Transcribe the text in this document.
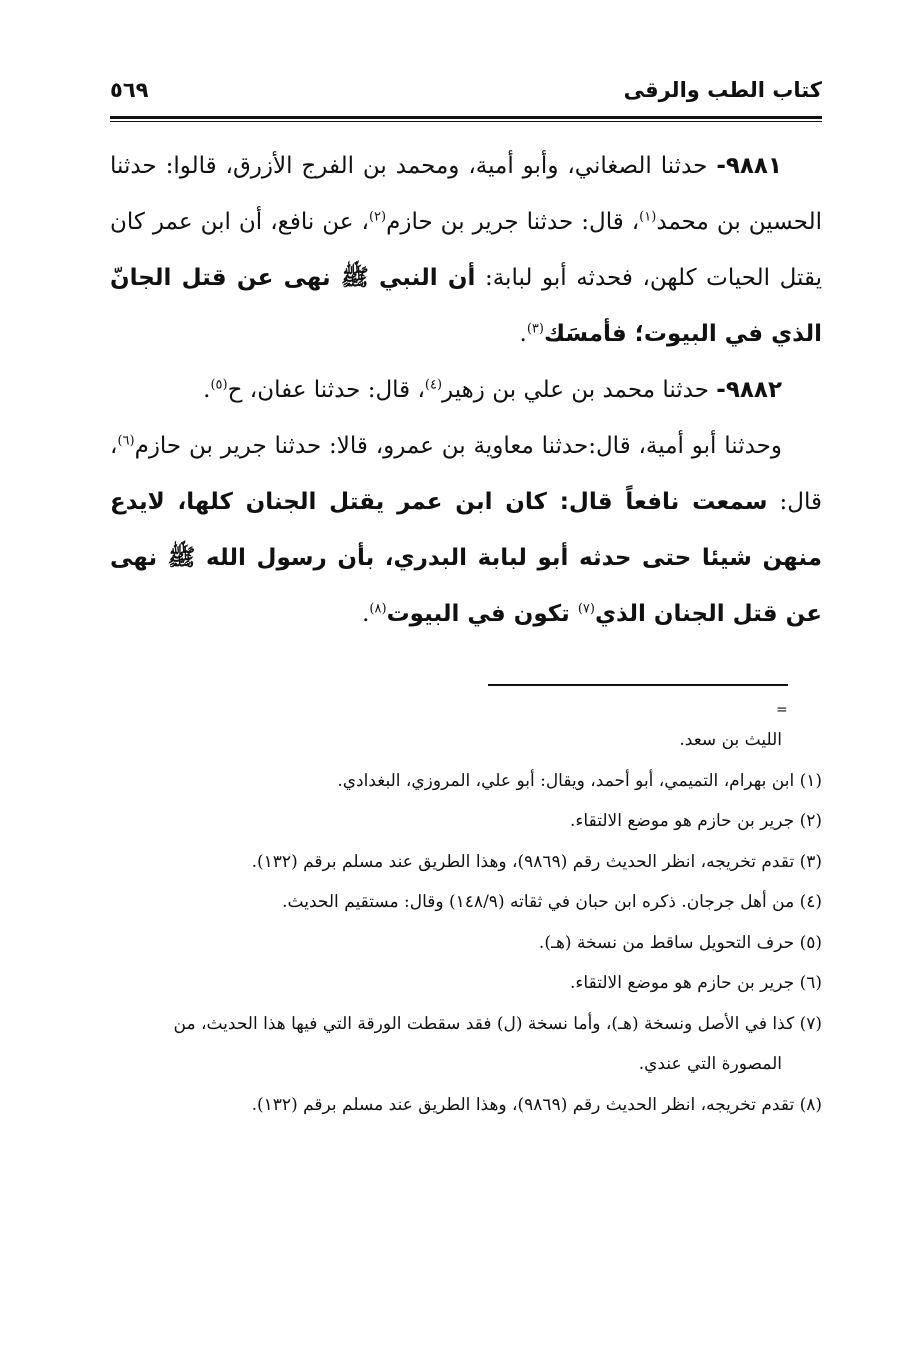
كتاب الطب والرقى
٥٦٩

٩٨٨١- حدثنا الصغاني، وأبو أمية، ومحمد بن الفرج الأزرق، قالوا: حدثنا الحسين بن محمد$^{(١)}$، قال: حدثنا جرير بن حازم$^{(٢)}$، عن نافع، أن ابن عمر كان يقتل الحيات كلهن، فحدثه أبو لبابة: أن النبي ﷺ نهى عن قتل الجانّ الذي في البيوت؛ فأمسَك$^{(٣)}$.

٩٨٨٢- حدثنا محمد بن علي بن زهير$^{(٤)}$، قال: حدثنا عفان، ح$^{(٥)}$.

وحدثنا أبو أمية، قال:حدثنا معاوية بن عمرو، قالا: حدثنا جرير بن حازم$^{(٦)}$، قال: سمعت نافعاً قال: كان ابن عمر يقتل الجنان كلها، لايدع منهن شيئا حتى حدثه أبو لبابة البدري، بأن رسول الله ﷺ نهى عن قتل الجنان الذي$^{(٧)}$ تكون في البيوت$^{(٨)}$.

=

الليث بن سعد.

(١) ابن بهرام، التميمي، أبو أحمد، ويقال: أبو علي، المروزي، البغدادي.

(٢) جرير بن حازم هو موضع الالتقاء.

(٣) تقدم تخريجه، انظر الحديث رقم (٩٨٦٩)، وهذا الطريق عند مسلم برقم (١٣٢).

(٤) من أهل جرجان. ذكره ابن حبان في ثقاته (١٤٨/٩) وقال: مستقيم الحديث.

(٥) حرف التحويل ساقط من نسخة (هـ).

(٦) جرير بن حازم هو موضع الالتقاء.

(٧) كذا في الأصل ونسخة (هـ)، وأما نسخة (ل) فقد سقطت الورقة التي فيها هذا الحديث، من المصورة التي عندي.

(٨) تقدم تخريجه، انظر الحديث رقم (٩٨٦٩)، وهذا الطريق عند مسلم برقم (١٣٢).
